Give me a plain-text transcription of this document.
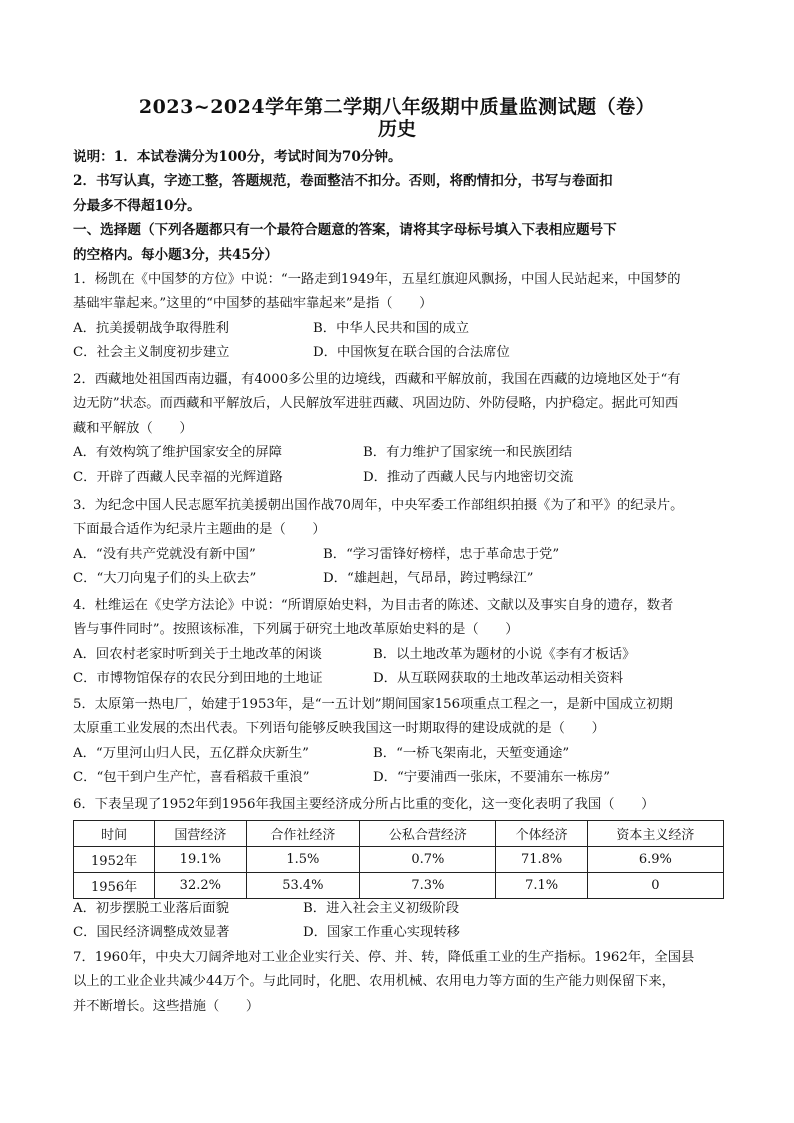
2023~2024学年第二学期八年级期中质量监测试题（卷）
历史
说明：1．本试卷满分为100分，考试时间为70分钟。
2．书写认真，字迹工整，答题规范，卷面整洁不扣分。否则，将酌情扣分，书写与卷面扣
分最多不得超10分。
一、选择题（下列各题都只有一个最符合题意的答案，请将其字母标号填入下表相应题号下
的空格内。每小题3分，共45分）
1．杨凯在《中国梦的方位》中说：“一路走到1949年，五星红旗迎风飘扬，中国人民站起来，中国梦的
基础牢靠起来。”这里的“中国梦的基础牢靠起来”是指（　　）
A．抗美援朝战争取得胜利	B．中华人民共和国的成立
C．社会主义制度初步建立	D．中国恢复在联合国的合法席位
2．西藏地处祖国西南边疆，有4000多公里的边境线，西藏和平解放前，我国在西藏的边境地区处于“有
边无防”状态。而西藏和平解放后，人民解放军进驻西藏、巩固边防、外防侵略，内护稳定。据此可知西
藏和平解放（　　）
A．有效构筑了维护国家安全的屏障	B．有力维护了国家统一和民族团结
C．开辟了西藏人民幸福的光辉道路	D．推动了西藏人民与内地密切交流
3．为纪念中国人民志愿军抗美援朝出国作战70周年，中央军委工作部组织拍摄《为了和平》的纪录片。
下面最合适作为纪录片主题曲的是（　　）
A．“没有共产党就没有新中国”	B．“学习雷锋好榜样，忠于革命忠于党”
C．“大刀向鬼子们的头上砍去”	D．“雄赳赳，气昂昂，跨过鸭绿江”
4．杜维运在《史学方法论》中说：“所谓原始史料，为目击者的陈述、文献以及事实自身的遗存，数者
皆与事件同时”。按照该标准，下列属于研究土地改革原始史料的是（　　）
A．回农村老家时听到关于土地改革的闲谈	B．以土地改革为题材的小说《李有才板话》
C．市博物馆保存的农民分到田地的土地证	D．从互联网获取的土地改革运动相关资料
5．太原第一热电厂，始建于1953年，是“一五计划”期间国家156项重点工程之一，是新中国成立初期
太原重工业发展的杰出代表。下列语句能够反映我国这一时期取得的建设成就的是（　　）
A．“万里河山归人民，五亿群众庆新生”	B．“一桥飞架南北，天堑变通途”
C．“包干到户生产忙，喜看稻菽千重浪”	D．“宁要浦西一张床，不要浦东一栋房”
6．下表呈现了1952年到1956年我国主要经济成分所占比重的变化，这一变化表明了我国（　　）
时间	国营经济	合作社经济	公私合营经济	个体经济	资本主义经济
1952年	19.1%	1.5%	0.7%	71.8%	6.9%
1956年	32.2%	53.4%	7.3%	7.1%	0
A．初步摆脱工业落后面貌	B．进入社会主义初级阶段
C．国民经济调整成效显著	D．国家工作重心实现转移
7．1960年，中央大刀阔斧地对工业企业实行关、停、并、转，降低重工业的生产指标。1962年，全国县
以上的工业企业共减少44万个。与此同时，化肥、农用机械、农用电力等方面的生产能力则保留下来，
并不断增长。这些措施（　　）
